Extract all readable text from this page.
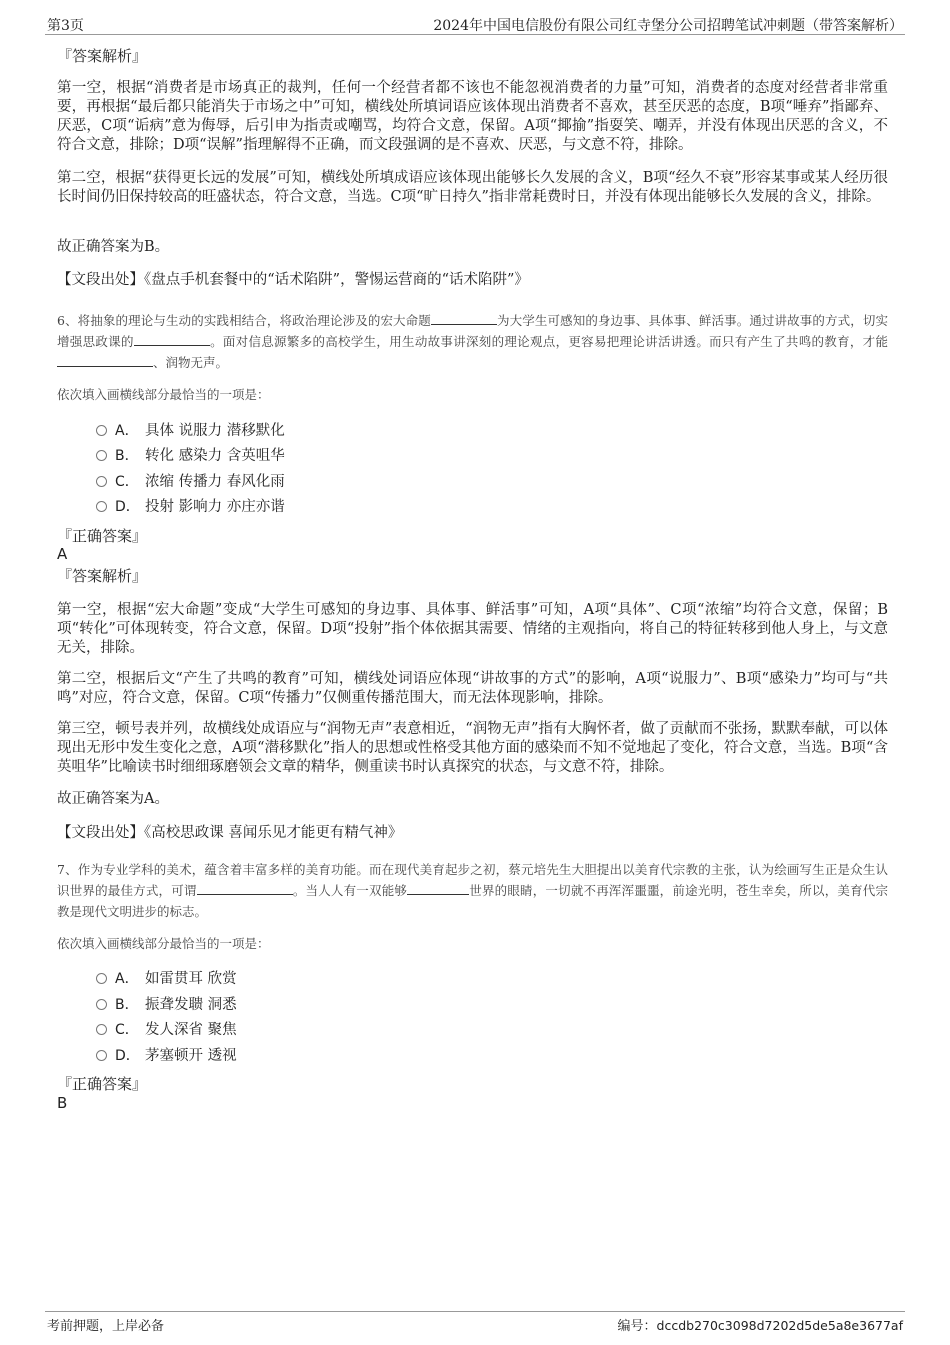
第3页	2024年中国电信股份有限公司红寺堡分公司招聘笔试冲刺题（带答案解析）
『答案解析』

第一空，根据“消费者是市场真正的裁判，任何一个经营者都不该也不能忽视消费者的力量”可知，消费者的态度对经营者非常重要，再根据“最后都只能消失于市场之中”可知，横线处所填词语应该体现出消费者不喜欢，甚至厌恶的态度，B项“唾弃”指鄙弃、厌恶，C项“诟病”意为侮辱，后引申为指责或嘲骂，均符合文意，保留。A项“揶揄”指耍笑、嘲弄，并没有体现出厌恶的含义，不符合文意，排除；D项“误解”指理解得不正确，而文段强调的是不喜欢、厌恶，与文意不符，排除。

第二空，根据“获得更长远的发展”可知，横线处所填成语应该体现出能够长久发展的含义，B项“经久不衰”形容某事或某人经历很长时间仍旧保持较高的旺盛状态，符合文意，当选。C项“旷日持久”指非常耗费时日，并没有体现出能够长久发展的含义，排除。

故正确答案为B。
【文段出处】《盘点手机套餐中的“话术陷阱”，警惕运营商的“话术陷阱”》

6、将抽象的理论与生动的实践相结合，将政治理论涉及的宏大命题	为大学生可感知的身边事、具体事、鲜活事。通过讲故事的方式，切实增强思政课的	。面对信息源繁多的高校学生，用生动故事讲深刻的理论观点，更容易把理论讲活讲透。而只有产生了共鸣的教育，才能、润物无声。

依次填入画横线部分最恰当的一项是：
A． 具体 说服力 潜移默化
B． 转化 感染力 含英咀华
C． 浓缩 传播力 春风化雨
D． 投射 影响力 亦庄亦谐
『正确答案』
A
『答案解析』

第一空，根据“宏大命题”变成“大学生可感知的身边事、具体事、鲜活事”可知，A项“具体”、C项“浓缩”均符合文意，保留；B项“转化”可体现转变，符合文意，保留。D项“投射”指个体依据其需要、情绪的主观指向，将自己的特征转移到他人身上，与文意无关，排除。

第二空，根据后文“产生了共鸣的教育”可知，横线处词语应体现“讲故事的方式”的影响，A项“说服力”、B项“感染力”均可与“共鸣”对应，符合文意，保留。C项“传播力”仅侧重传播范围大，而无法体现影响，排除。

第三空，顿号表并列，故横线处成语应与“润物无声”表意相近，“润物无声”指有大胸怀者，做了贡献而不张扬，默默奉献，可以体现出无形中发生变化之意，A项“潜移默化”指人的思想或性格受其他方面的感染而不知不觉地起了变化，符合文意，当选。B项“含英咀华”比喻读书时细细琢磨领会文章的精华，侧重读书时认真探究的状态，与文意不符，排除。

故正确答案为A。
【文段出处】《高校思政课 喜闻乐见才能更有精气神》

7、作为专业学科的美术，蕴含着丰富多样的美育功能。而在现代美育起步之初，蔡元培先生大胆提出以美育代宗教的主张，认为绘画写生正是众生认识世界的最佳方式，可谓	。当人人有一双能够	世界的眼睛，一切就不再浑浑噩噩，前途光明，苍生幸矣，所以，美育代宗教是现代文明进步的标志。

依次填入画横线部分最恰当的一项是：
A． 如雷贯耳 欣赏
B． 振聋发聩 洞悉
C． 发人深省 聚焦
D． 茅塞顿开 透视
『正确答案』
B
考前押题，上岸必备	编号：dccdb270c3098d7202d5de5a8e3677af
